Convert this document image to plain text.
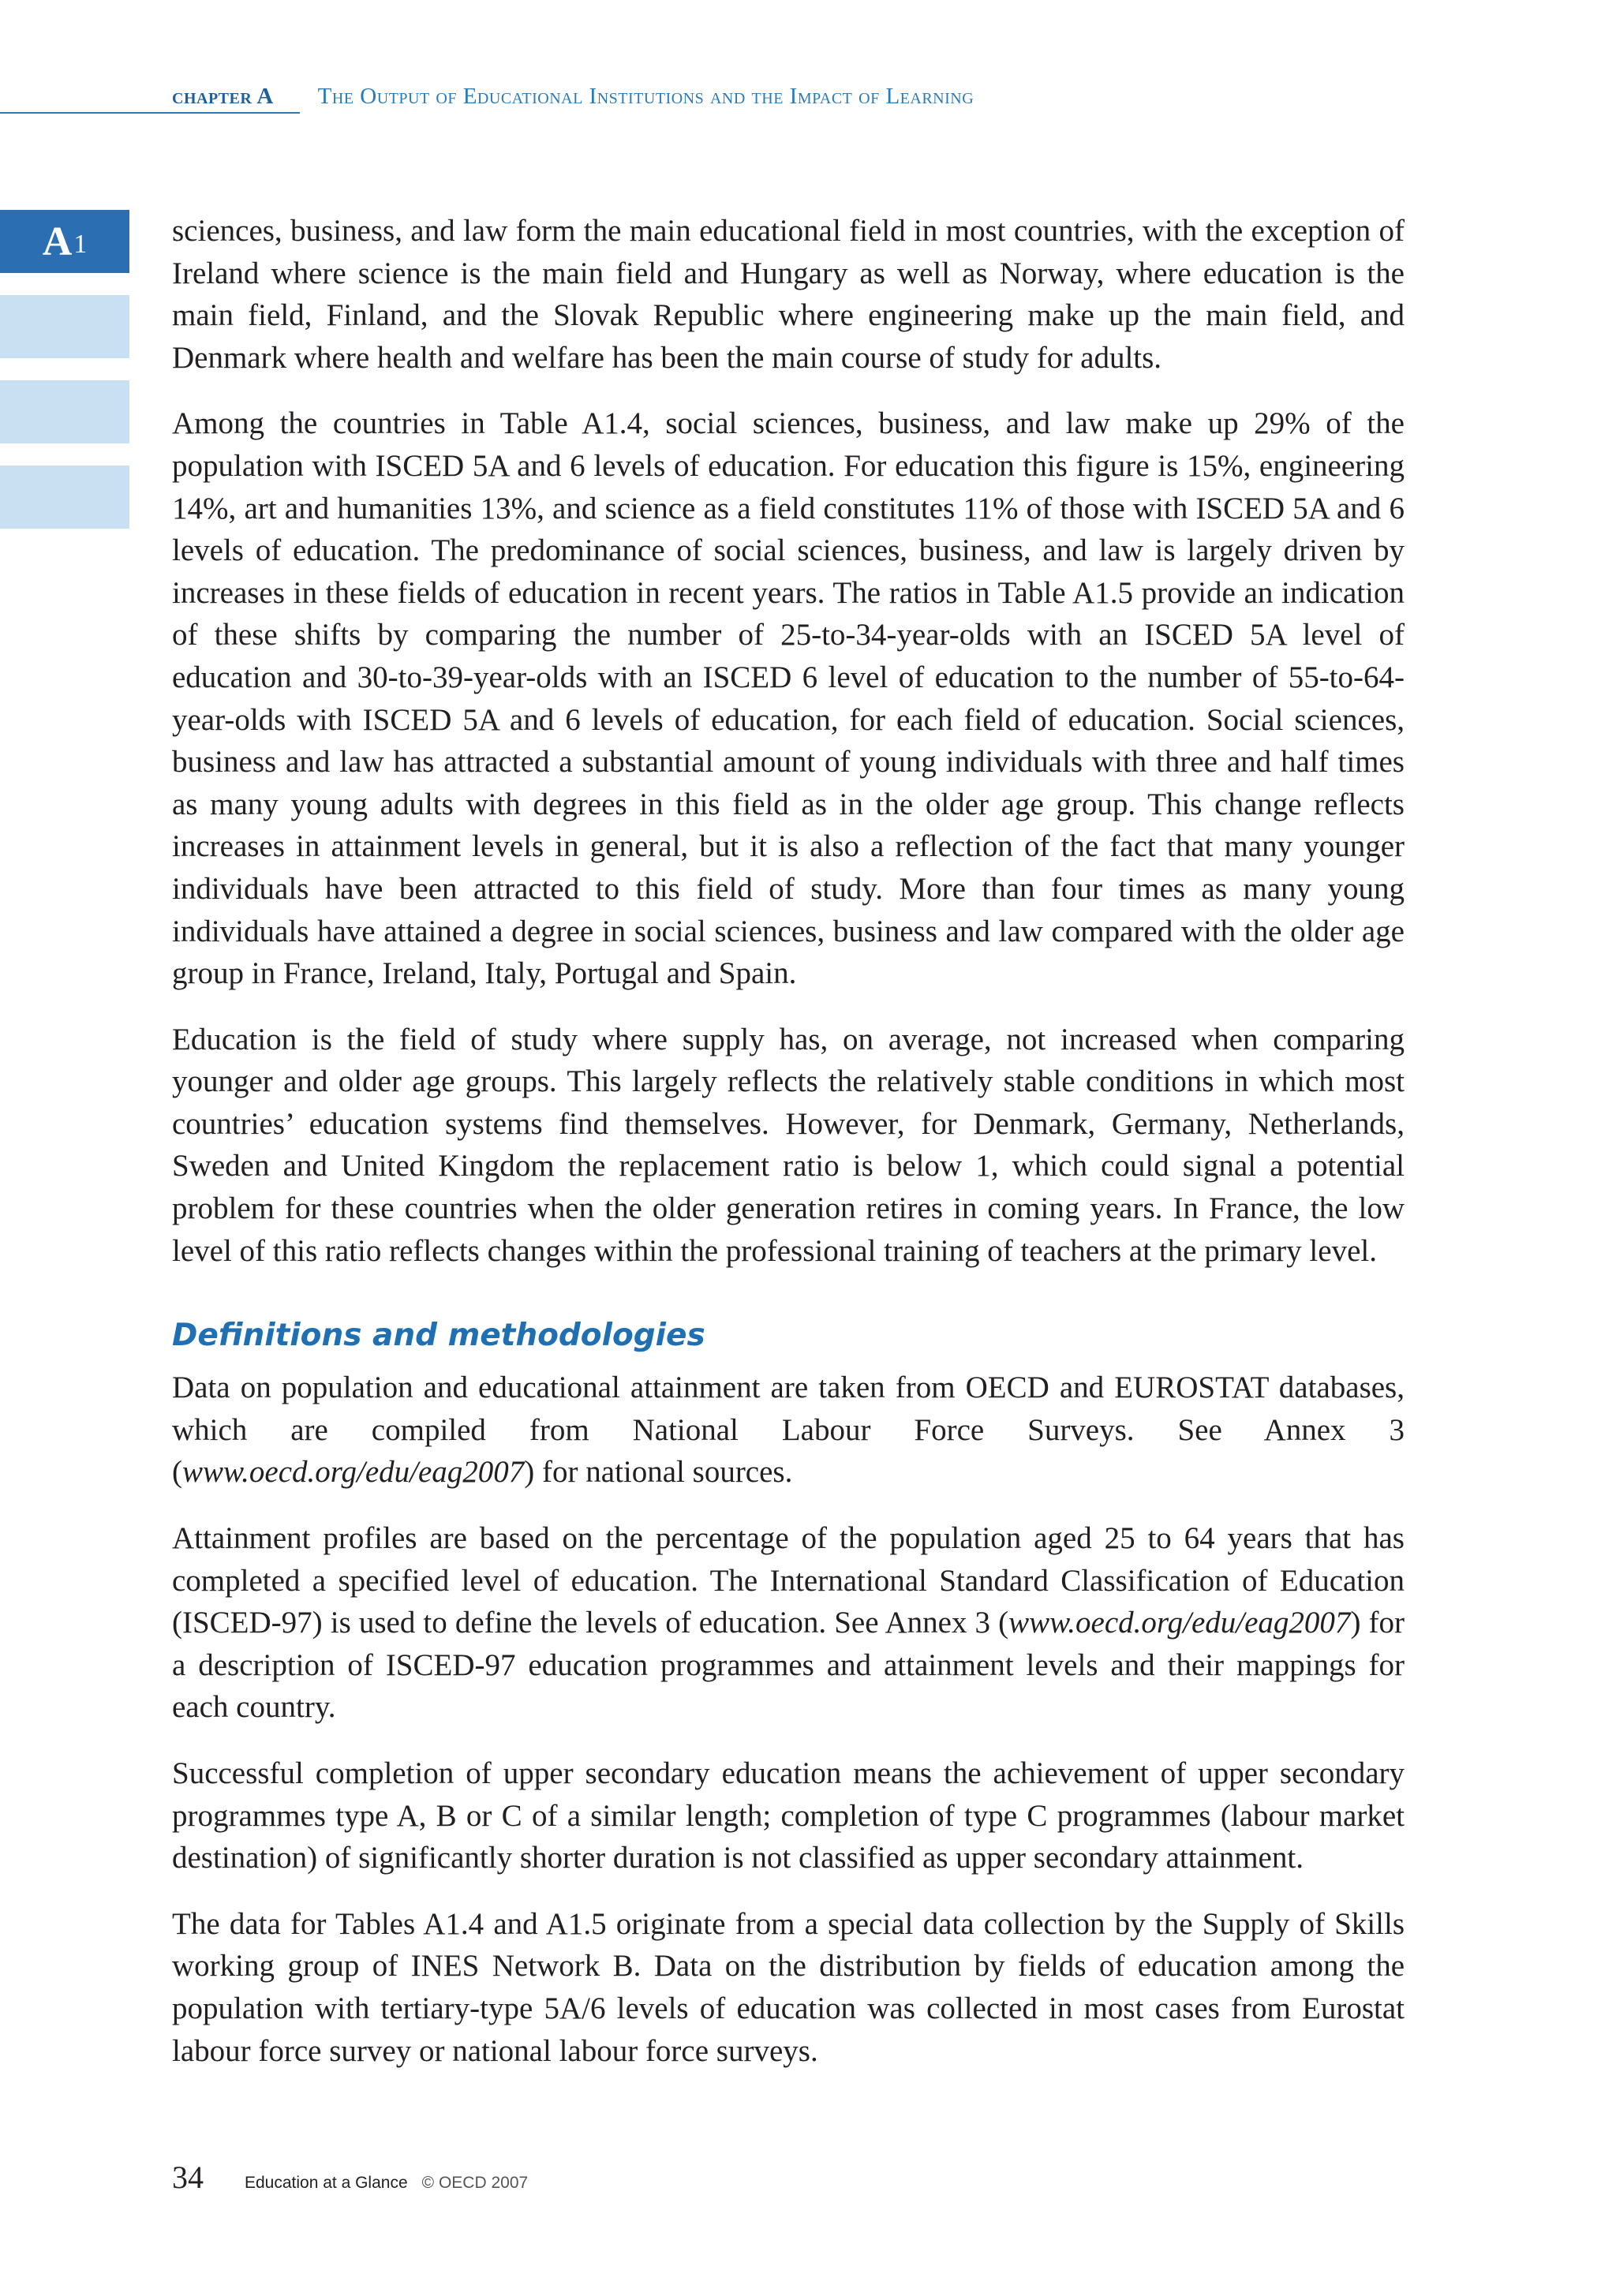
chapter A The Output of Educational Institutions and the Impact of Learning
A 1	sciences, business, and law form the main educational field in most countries, with the exception of Ireland where science is the main field and Hungary as well as Norway, where education is the main field, Finland, and the Slovak Republic where engineering make up the main field, and Denmark where health and welfare has been the main course of study for adults.

Among the countries in Table A1.4, social sciences, business, and law make up 29% of the population with ISCED 5A and 6 levels of education. For education this figure is 15%, engineering 14%, art and humanities 13%, and science as a field constitutes 11% of those with ISCED 5A and 6 levels of education. The predominance of social sciences, business, and law is largely driven by increases in these fields of education in recent years. The ratios in Table A1.5 provide an indication of these shifts by comparing the number of 25-to-34-year-olds with an ISCED 5A level of education and 30-to-39-year-olds with an ISCED 6 level of education to the number of 55-to-64-year-olds with ISCED 5A and 6 levels of education, for each field of education. Social sciences, business and law has attracted a substantial amount of young individuals with three and half times as many young adults with degrees in this field as in the older age group. This change reflects increases in attainment levels in general, but it is also a reflection of the fact that many younger individuals have been attracted to this field of study. More than four times as many young individuals have attained a degree in social sciences, business and law compared with the older age group in France, Ireland, Italy, Portugal and Spain.

Education is the field of study where supply has, on average, not increased when comparing younger and older age groups. This largely reflects the relatively stable conditions in which most countries’ education systems find themselves. However, for Denmark, Germany, Netherlands, Sweden and United Kingdom the replacement ratio is below 1, which could signal a potential problem for these countries when the older generation retires in coming years. In France, the low level of this ratio reflects changes within the professional training of teachers at the primary level.

Definitions and methodologies

Data on population and educational attainment are taken from OECD and EUROSTAT databases, which are compiled from National Labour Force Surveys. See Annex 3 (www.oecd.org/edu/eag2007) for national sources.

Attainment profiles are based on the percentage of the population aged 25 to 64 years that has completed a specified level of education. The International Standard Classification of Education (ISCED-97) is used to define the levels of education. See Annex 3 (www.oecd.org/edu/eag2007) for a description of ISCED-97 education programmes and attainment levels and their mappings for each country.

Successful completion of upper secondary education means the achievement of upper secondary programmes type A, B or C of a similar length; completion of type C programmes (labour market destination) of significantly shorter duration is not classified as upper secondary attainment.

The data for Tables A1.4 and A1.5 originate from a special data collection by the Supply of Skills working group of INES Network B. Data on the distribution by fields of education among the population with tertiary-type 5A/6 levels of education was collected in most cases from Eurostat labour force survey or national labour force surveys.

34 Education at a Glance © OECD 2007
